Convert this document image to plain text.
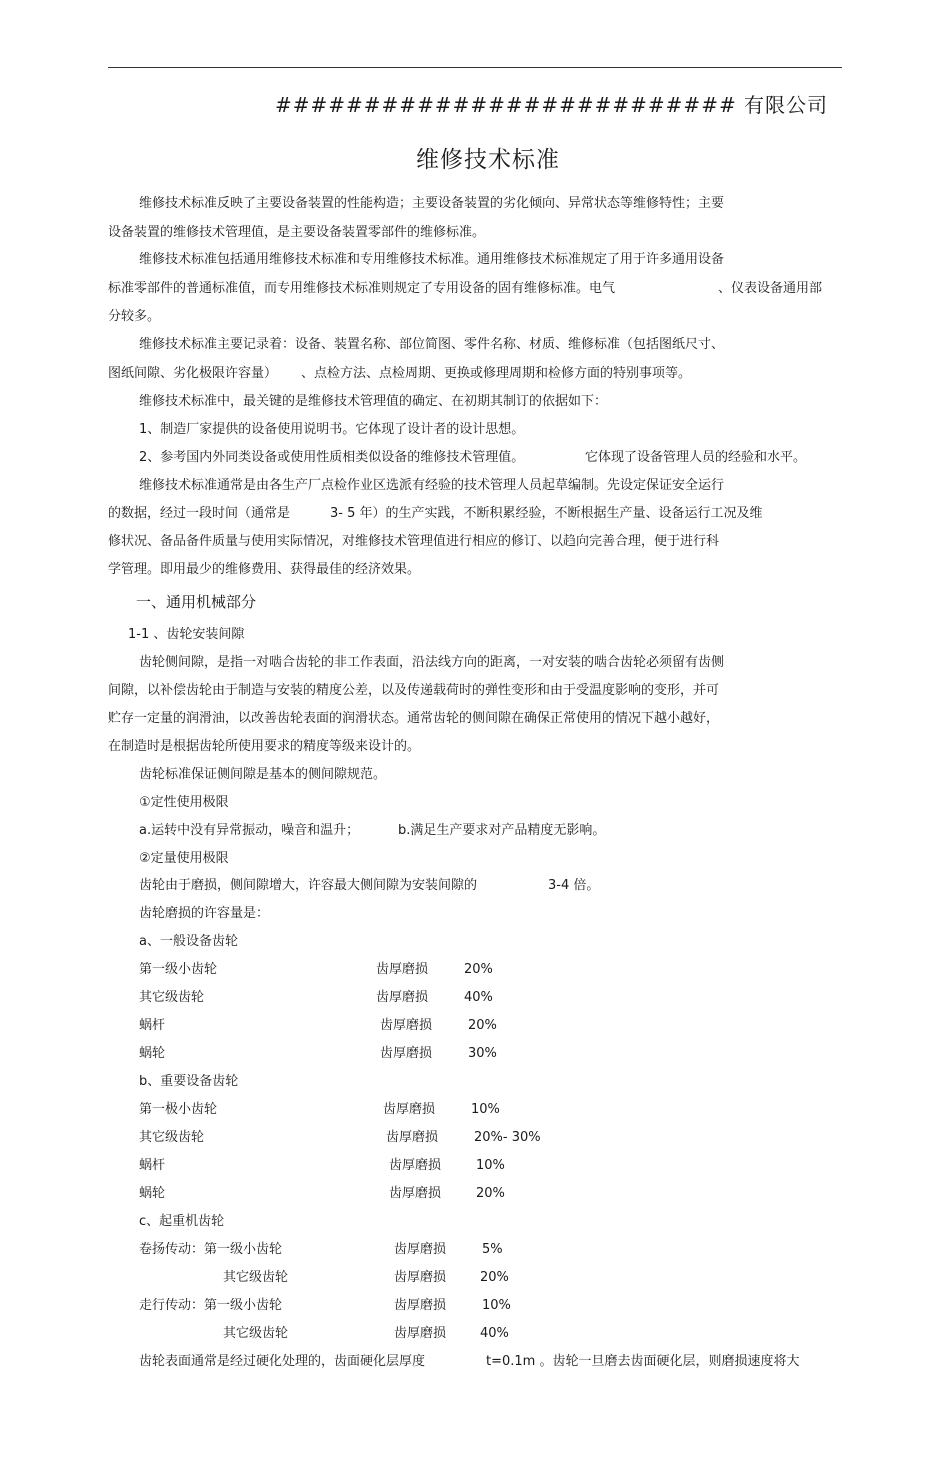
########################## 有限公司
维修技术标准
维修技术标准反映了主要设备装置的性能构造；主要设备装置的劣化倾向、异常状态等维修特性；主要
设备装置的维修技术管理值，是主要设备装置零部件的维修标准。
维修技术标准包括通用维修技术标准和专用维修技术标准。通用维修技术标准规定了用于许多通用设备
标准零部件的普通标准值，而专用维修技术标准则规定了专用设备的固有维修标准。电气	、仪表设备通用部
分较多。
维修技术标准主要记录着：设备、装置名称、部位简图、零件名称、材质、维修标准（包括图纸尺寸、
图纸间隙、劣化极限许容量） 、点检方法、点检周期、更换或修理周期和检修方面的特别事项等。
维修技术标准中，最关键的是维修技术管理值的确定、在初期其制订的依据如下：
1、制造厂家提供的设备使用说明书。它体现了设计者的设计思想。
2、参考国内外同类设备或使用性质相类似设备的维修技术管理值。	它体现了设备管理人员的经验和水平。
维修技术标准通常是由各生产厂点检作业区选派有经验的技术管理人员起草编制。先设定保证安全运行
的数据，经过一段时间（通常是	3- 5 年）的生产实践，不断积累经验，不断根据生产量、设备运行工况及维
修状况、备品备件质量与使用实际情况，对维修技术管理值进行相应的修订、以趋向完善合理，便于进行科
学管理。即用最少的维修费用、获得最佳的经济效果。
一、通用机械部分
1-1 、齿轮安装间隙
齿轮侧间隙，是指一对啮合齿轮的非工作表面，沿法线方向的距离，一对安装的啮合齿轮必须留有齿侧
间隙，以补偿齿轮由于制造与安装的精度公差，以及传递载荷时的弹性变形和由于受温度影响的变形，并可
贮存一定量的润滑油，以改善齿轮表面的润滑状态。通常齿轮的侧间隙在确保正常使用的情况下越小越好，
在制造时是根据齿轮所使用要求的精度等级来设计的。
齿轮标准保证侧间隙是基本的侧间隙规范。
①定性使用极限
a.运转中没有异常振动，噪音和温升；	b.满足生产要求对产品精度无影响。
②定量使用极限
齿轮由于磨损，侧间隙增大，许容最大侧间隙为安装间隙的	3-4 倍。
齿轮磨损的许容量是：
a、一般设备齿轮
第一级小齿轮	齿厚磨损	20%
其它级齿轮	齿厚磨损	40%
蜗杆	齿厚磨损	20%
蜗轮	齿厚磨损	30%
b、重要设备齿轮
第一极小齿轮	齿厚磨损	10%
其它级齿轮	齿厚磨损	20%- 30%
蜗杆	齿厚磨损	10%
蜗轮	齿厚磨损	20%
c、起重机齿轮
卷扬传动：第一级小齿轮	齿厚磨损	5%
其它级齿轮	齿厚磨损	20%
走行传动：第一级小齿轮	齿厚磨损	10%
其它级齿轮	齿厚磨损	40%
齿轮表面通常是经过硬化处理的，齿面硬化层厚度	t=0.1m 。齿轮一旦磨去齿面硬化层，则磨损速度将大
